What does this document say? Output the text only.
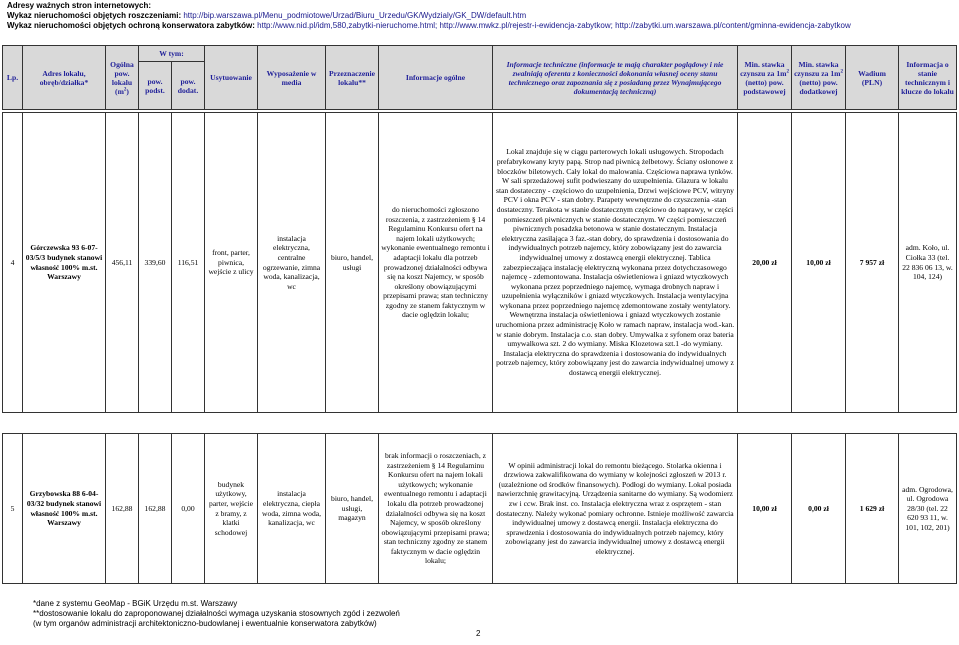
Adresy ważnych stron internetowych:
Wykaz nieruchomości objętych roszczeniami: http://bip.warszawa.pl/Menu_podmiotowe/Urzad/Biuru_Urzedu/GK/Wydzialy/GK_DW/default.htm
Wykaz nieruchomości objętych ochroną konserwatora zabytków: http://www.nid.pl/idm,580,zabytki-nieruchome.html; http://www.mwkz.pl/rejestr-i-ewidencja-zabytkow; http://zabytki.um.warszawa.pl/content/gminna-ewidencja-zabytkow
Lp.	Adres lokalu, obręb/działka*	Ogólna pow. lokalu $(m^2)$	W tym:		Usytuowanie	Wyposażenie w media	Przeznaczenie lokalu**	Informacje ogólne	Informacje techniczne (informacje te mają charakter poglądowy i nie zwalniają oferenta z konieczności dokonania własnej oceny stanu technicznego oraz zapoznania się z posiadaną przez Wynajmującego dokumentacją techniczną)	Min. stawka czynszu za $1m^2$ (netto) pow. podstawowej	Min. stawka czynszu za $1m^2$ (netto) pow. dodatkowej	Wadium (PLN)	Informacja o stanie technicznym i klucze do lokalu
			pow. podst.	pow. dodat.									
4	Górczewska 93 6-07-03/5/3 budynek stanowi własność 100% m.st. Warszawy	456,11	339,60	116,51	front, parter, piwnica, wejście z ulicy	instalacja elektryczna, centralne ogrzewanie, zimna woda, kanalizacja, wc	biuro, handel, usługi	do nieruchomości zgłoszono roszczenia, z zastrzeżeniem § 14 Regulaminu Konkursu ofert na najem lokali użytkowych; wykonanie ewentualnego remontu i adaptacji lokalu dla potrzeb prowadzonej działalności odbywa się na koszt Najemcy, w sposób określony obowiązującymi przepisami prawa; stan techniczny zgodny ze stanem faktycznym w dacie oględzin lokalu;	Lokal znajduje się w ciągu parterowych lokali usługowych. Stropodach prefabrykowany kryty papą. Strop nad piwnicą żelbetowy. Ściany osłonowe z bloczków biletowych. Cały lokal do malowania. Częściowa naprawa tynków. W sali sprzedażowej sufit podwieszany do uzupełnienia. Glazura w lokalu stan dostateczny - częściowo do uzupełnienia, Drzwi wejściowe PCV, witryny PCV i okna PCV - stan dobry. Parapety wewnętrzne do czyszczenia -stan dostateczny. Terakota w stanie dostatecznym częściowo do naprawy, w części pomieszczeń piwnicznych w stanie dostatecznym. W części pomieszczeń piwnicznych posadzka betonowa w stanie dostatecznym. Instalacja elektryczna zasilająca 3 faz.-stan dobry, do sprawdzenia i dostosowania do indywidualnych potrzeb najemcy, który zobowiązany jest do zawarcia indywidualnej umowy z dostawcą energii elektrycznej. Tablica zabezpieczająca instalację elektryczną wykonana przez dotychczasowego najemcę - zdemontowana. Instalacja oświetleniowa i gniazd wtyczkowych wykonana przez poprzedniego najemcę, wymaga drobnych napraw i uzupełnienia wyłączników i gniazd wtyczkowych. Instalacja wentylacyjna wykonana przez poprzedniego najemcę zdemontowane zostały wentylatory. Wewnętrzna instalacja oświetleniowa i gniazd wtyczkowych zostanie uruchomiona przez administrację Koło w ramach napraw, instalacja wod.-kan. w stanie dobrym. Instalacja c.o. stan dobry. Umywalka z syfonem oraz bateria umywalkowa szt. 2 do wymiany. Miska Klozetowa szt.1 -do wymiany. Instalacja elektryczna do sprawdzenia i dostosowania do indywidualnych potrzeb najemcy, który zobowiązany jest do zawarcia indywidualnej umowy z dostawcą energii elektrycznej.	20,00 zł	10,00 zł	7 957 zł	adm. Koło, ul. Ciołka 33 (tel. 22 836 06 13, w. 104, 124)
5	Grzybowska 88 6-04-03/32 budynek stanowi własność 100% m.st. Warszawy	162,88	162,88	0,00	budynek użytkowy, parter, wejście z bramy, z klatki schodowej	instalacja elektryczna, ciepła woda, zimna woda, kanalizacja, wc	biuro, handel, usługi, magazyn	brak informacji o roszczeniach, z zastrzeżeniem § 14 Regulaminu Konkursu ofert na najem lokali użytkowych; wykonanie ewentualnego remontu i adaptacji lokalu dla potrzeb prowadzonej działalności odbywa się na koszt Najemcy, w sposób określony obowiązującymi przepisami prawa; stan techniczny zgodny ze stanem faktycznym w dacie oględzin lokalu;	W opinii administracji lokal do remontu bieżącego. Stolarka okienna i drzwiowa zakwalifikowana do wymiany w kolejności zgłoszeń w 2013 r. (uzależnione od środków finansowych). Podłogi do wymiany. Lokal posiada nawierzchnię grawitacyjną. Urządzenia sanitarne do wymiany. Są wodomierz zw i ccw. Brak inst. co. Instalacja elektryczna wraz z osprzętem - stan dostateczny. Należy wykonać pomiary ochronne. Istnieje możliwość zawarcia indywidualnej umowy z dostawcą energii. Instalacja elektryczna do sprawdzenia i dostosowania do indywidualnych potrzeb najemcy, który zobowiązany jest do zawarcia indywidualnej umowy z dostawcą energii elektrycznej.	10,00 zł	0,00 zł	1 629 zł	adm. Ogrodowa, ul. Ogrodowa 28/30 (tel. 22 620 93 11, w. 101, 102, 201)
*dane z systemu GeoMap - BGiK Urzędu m.st. Warszawy
**dostosowanie lokalu do zaproponowanej działalności wymaga uzyskania stosownych zgód i zezwoleń
(w tym organów administracji architektoniczno-budowlanej i ewentualnie konserwatora zabytków)
2
